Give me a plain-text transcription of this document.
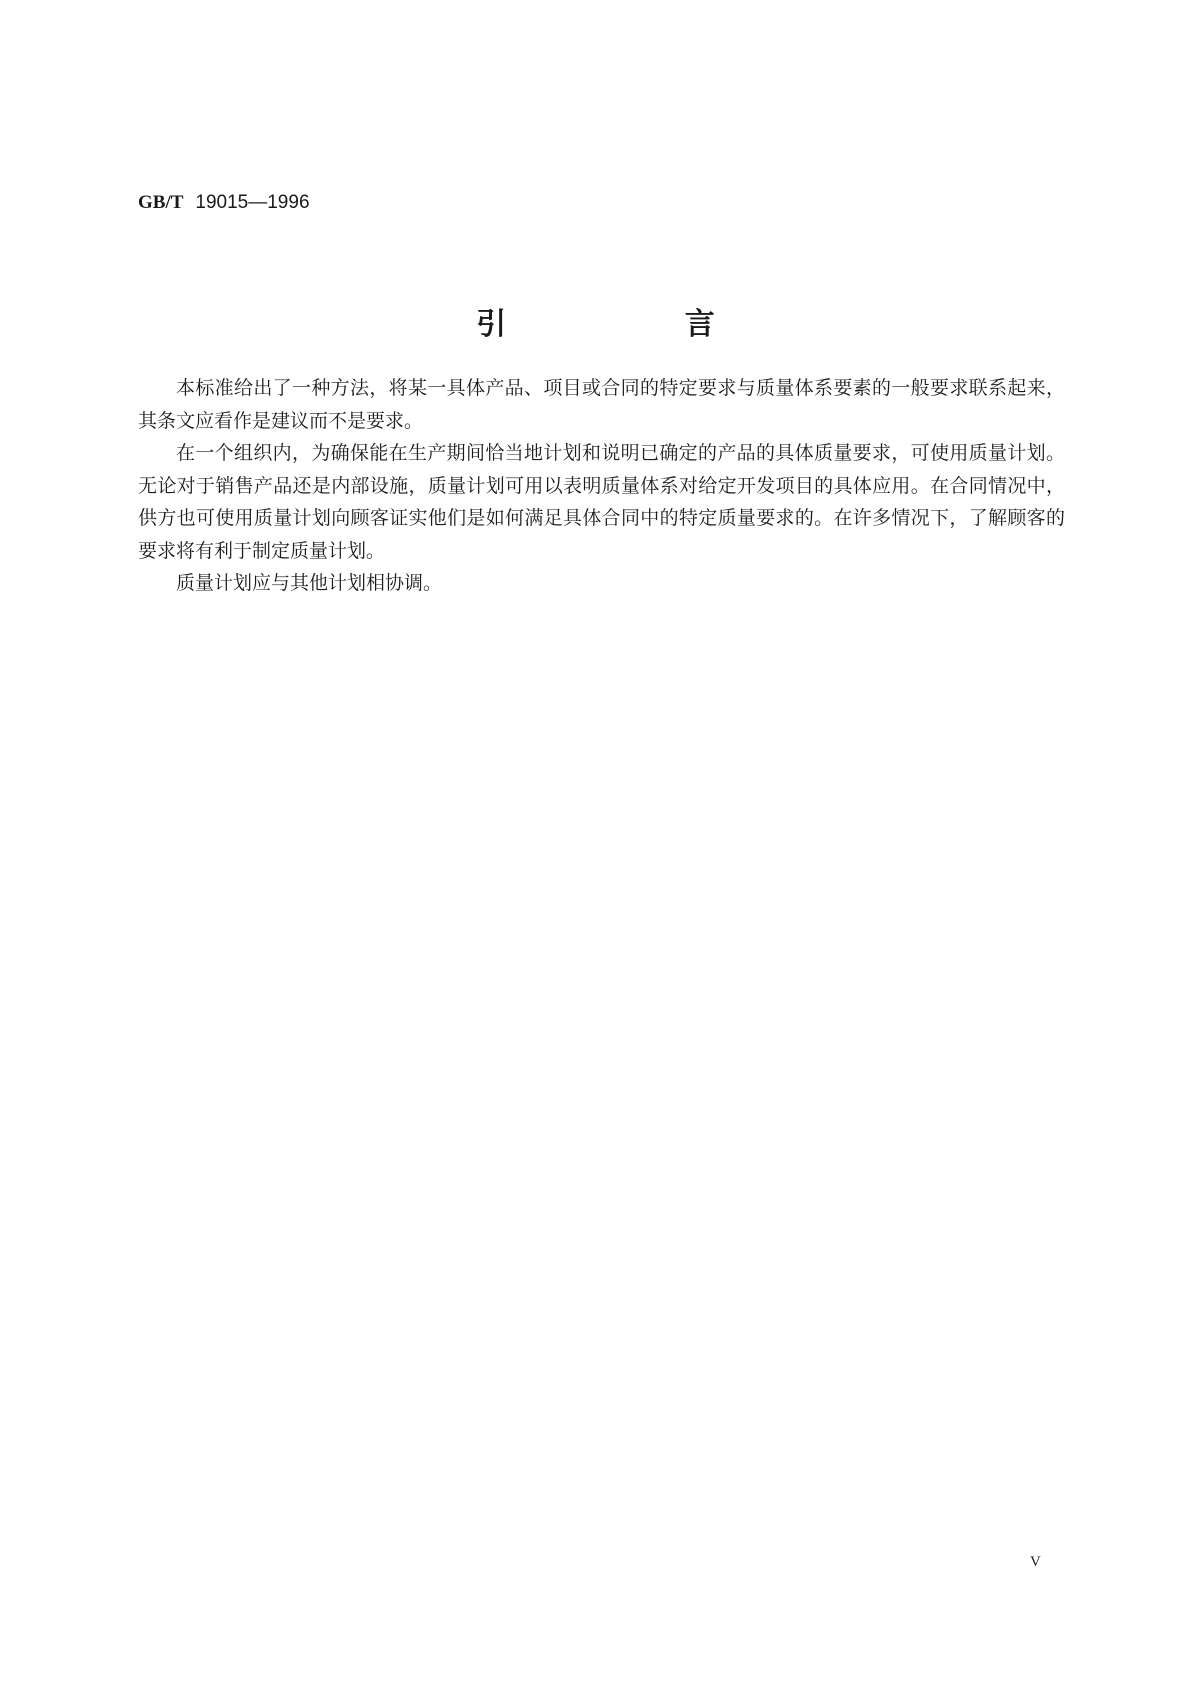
GB/T 19015—1996
引 言

本标准给出了一种方法，将某一具体产品、项目或合同的特定要求与质量体系要素的一般要求联系起来，其条文应看作是建议而不是要求。

在一个组织内，为确保能在生产期间恰当地计划和说明已确定的产品的具体质量要求，可使用质量计划。无论对于销售产品还是内部设施，质量计划可用以表明质量体系对给定开发项目的具体应用。在合同情况中，供方也可使用质量计划向顾客证实他们是如何满足具体合同中的特定质量要求的。在许多情况下，了解顾客的要求将有利于制定质量计划。

质量计划应与其他计划相协调。

V
